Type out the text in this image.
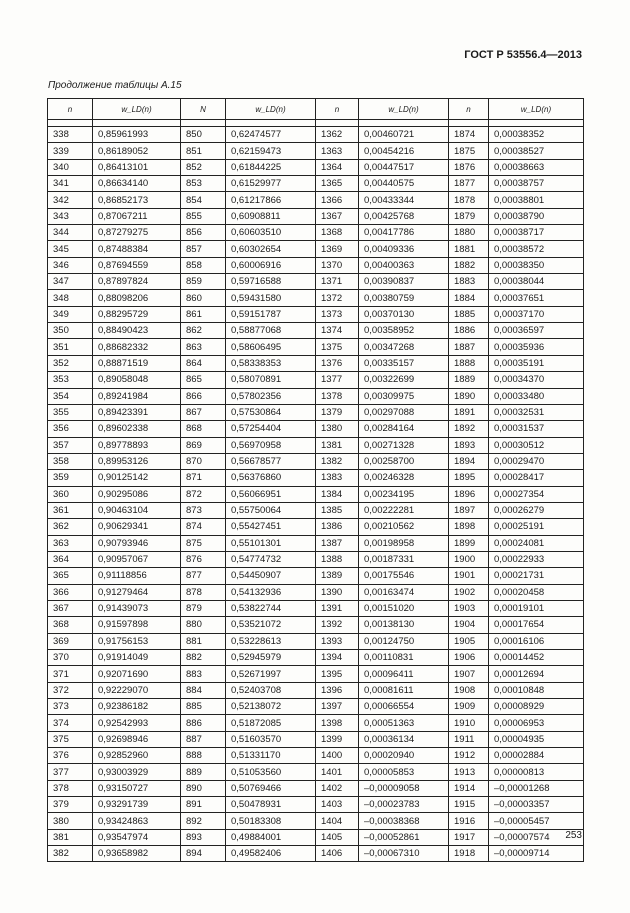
ГОСТ Р 53556.4—2013
Продолжение таблицы А.15
n	w_LD(n)	N	w_LD(n)	n	w_LD(n)	n	w_LD(n)

338	0,85961993	850	0,62474577	1362	0,00460721	1874	0,00038352
339	0,86189052	851	0,62159473	1363	0,00454216	1875	0,00038527
340	0,86413101	852	0,61844225	1364	0,00447517	1876	0,00038663
341	0,86634140	853	0,61529977	1365	0,00440575	1877	0,00038757
342	0,86852173	854	0,61217866	1366	0,00433344	1878	0,00038801
343	0,87067211	855	0,60908811	1367	0,00425768	1879	0,00038790
344	0,87279275	856	0,60603510	1368	0,00417786	1880	0,00038717
345	0,87488384	857	0,60302654	1369	0,00409336	1881	0,00038572
346	0,87694559	858	0,60006916	1370	0,00400363	1882	0,00038350
347	0,87897824	859	0,59716588	1371	0,00390837	1883	0,00038044
348	0,88098206	860	0,59431580	1372	0,00380759	1884	0,00037651
349	0,88295729	861	0,59151787	1373	0,00370130	1885	0,00037170
350	0,88490423	862	0,58877068	1374	0,00358952	1886	0,00036597
351	0,88682332	863	0,58606495	1375	0,00347268	1887	0,00035936
352	0,88871519	864	0,58338353	1376	0,00335157	1888	0,00035191
353	0,89058048	865	0,58070891	1377	0,00322699	1889	0,00034370
354	0,89241984	866	0,57802356	1378	0,00309975	1890	0,00033480
355	0,89423391	867	0,57530864	1379	0,00297088	1891	0,00032531
356	0,89602338	868	0,57254404	1380	0,00284164	1892	0,00031537
357	0,89778893	869	0,56970958	1381	0,00271328	1893	0,00030512
358	0,89953126	870	0,56678577	1382	0,00258700	1894	0,00029470
359	0,90125142	871	0,56376860	1383	0,00246328	1895	0,00028417
360	0,90295086	872	0,56066951	1384	0,00234195	1896	0,00027354
361	0,90463104	873	0,55750064	1385	0,00222281	1897	0,00026279
362	0,90629341	874	0,55427451	1386	0,00210562	1898	0,00025191
363	0,90793946	875	0,55101301	1387	0,00198958	1899	0,00024081
364	0,90957067	876	0,54774732	1388	0,00187331	1900	0,00022933
365	0,91118856	877	0,54450907	1389	0,00175546	1901	0,00021731
366	0,91279464	878	0,54132936	1390	0,00163474	1902	0,00020458
367	0,91439073	879	0,53822744	1391	0,00151020	1903	0,00019101
368	0,91597898	880	0,53521072	1392	0,00138130	1904	0,00017654
369	0,91756153	881	0,53228613	1393	0,00124750	1905	0,00016106
370	0,91914049	882	0,52945979	1394	0,00110831	1906	0,00014452
371	0,92071690	883	0,52671997	1395	0,00096411	1907	0,00012694
372	0,92229070	884	0,52403708	1396	0,00081611	1908	0,00010848
373	0,92386182	885	0,52138072	1397	0,00066554	1909	0,00008929
374	0,92542993	886	0,51872085	1398	0,00051363	1910	0,00006953
375	0,92698946	887	0,51603570	1399	0,00036134	1911	0,00004935
376	0,92852960	888	0,51331170	1400	0,00020940	1912	0,00002884
377	0,93003929	889	0,51053560	1401	0,00005853	1913	0,00000813
378	0,93150727	890	0,50769466	1402	–0,00009058	1914	–0,00001268
379	0,93291739	891	0,50478931	1403	–0,00023783	1915	–0,00003357
380	0,93424863	892	0,50183308	1404	–0,00038368	1916	–0,00005457
381	0,93547974	893	0,49884001	1405	–0,00052861	1917	–0,00007574
382	0,93658982	894	0,49582406	1406	–0,00067310	1918	–0,00009714
253
